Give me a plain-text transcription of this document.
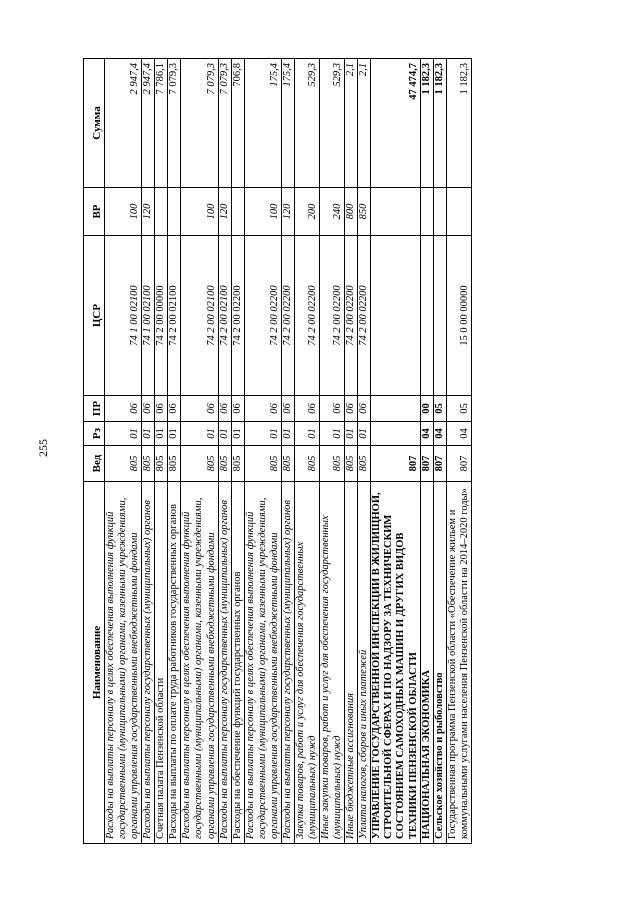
255
Наименование	Вед	Рз	ПР	ЦСР	ВР	Сумма
Расходы на выплаты персоналу в целях обеспечения выполнения функций государственными (муниципальными) органами, казенными учреждениями, органами управления государственными внебюджетными фондами	805	01	06	74 1 00 02100	100	2 947,4
Расходы на выплаты персоналу государственных (муниципальных) органов	805	01	06	74 1 00 02100	120	2 947,4
Счетная палата Пензенской области	805	01	06	74 2 00 00000		7 786,1
Расходы на выплаты по оплате труда работников государственных органов	805	01	06	74 2 00 02100		7 079,3
Расходы на выплаты персоналу в целях обеспечения выполнения функций государственными (муниципальными) органами, казенными учреждениями, органами управления государственными внебюджетными фондами	805	01	06	74 2 00 02100	100	7 079,3
Расходы на выплаты персоналу государственных (муниципальных) органов	805	01	06	74 2 00 02100	120	7 079,3
Расходы на обеспечение функций государственных органов	805	01	06	74 2 00 02200		706,8
Расходы на выплаты персоналу в целях обеспечения выполнения функций государственными (муниципальными) органами, казенными учреждениями, органами управления государственными внебюджетными фондами	805	01	06	74 2 00 02200	100	175,4
Расходы на выплаты персоналу государственных (муниципальных) органов	805	01	06	74 2 00 02200	120	175,4
Закупка товаров, работ и услуг для обеспечения государственных (муниципальных) нужд	805	01	06	74 2 00 02200	200	529,3
Иные закупки товаров, работ и услуг для обеспечения государственных (муниципальных) нужд	805	01	06	74 2 00 02200	240	529,3
Иные бюджетные ассигнования	805	01	06	74 2 00 02200	800	2,1
Уплата налогов, сборов и иных платежей	805	01	06	74 2 00 02200	850	2,1
УПРАВЛЕНИЕ ГОСУДАРСТВЕННОЙ ИНСПЕКЦИИ В ЖИЛИЩНОЙ, СТРОИТЕЛЬНОЙ СФЕРАХ И ПО НАДЗОРУ ЗА ТЕХНИЧЕСКИМ СОСТОЯНИЕМ САМОХОДНЫХ МАШИН И ДРУГИХ ВИДОВ ТЕХНИКИ ПЕНЗЕНСКОЙ ОБЛАСТИ	807					47 474,7
НАЦИОНАЛЬНАЯ ЭКОНОМИКА	807	04	00			1 182,3
Сельское хозяйство и рыболовство	807	04	05			1 182,3
Государственная программа Пензенской области «Обеспечение жильем и коммунальными услугами населения Пензенской области на 2014–2020 годы»	807	04	05	15 0 00 00000		1 182,3
